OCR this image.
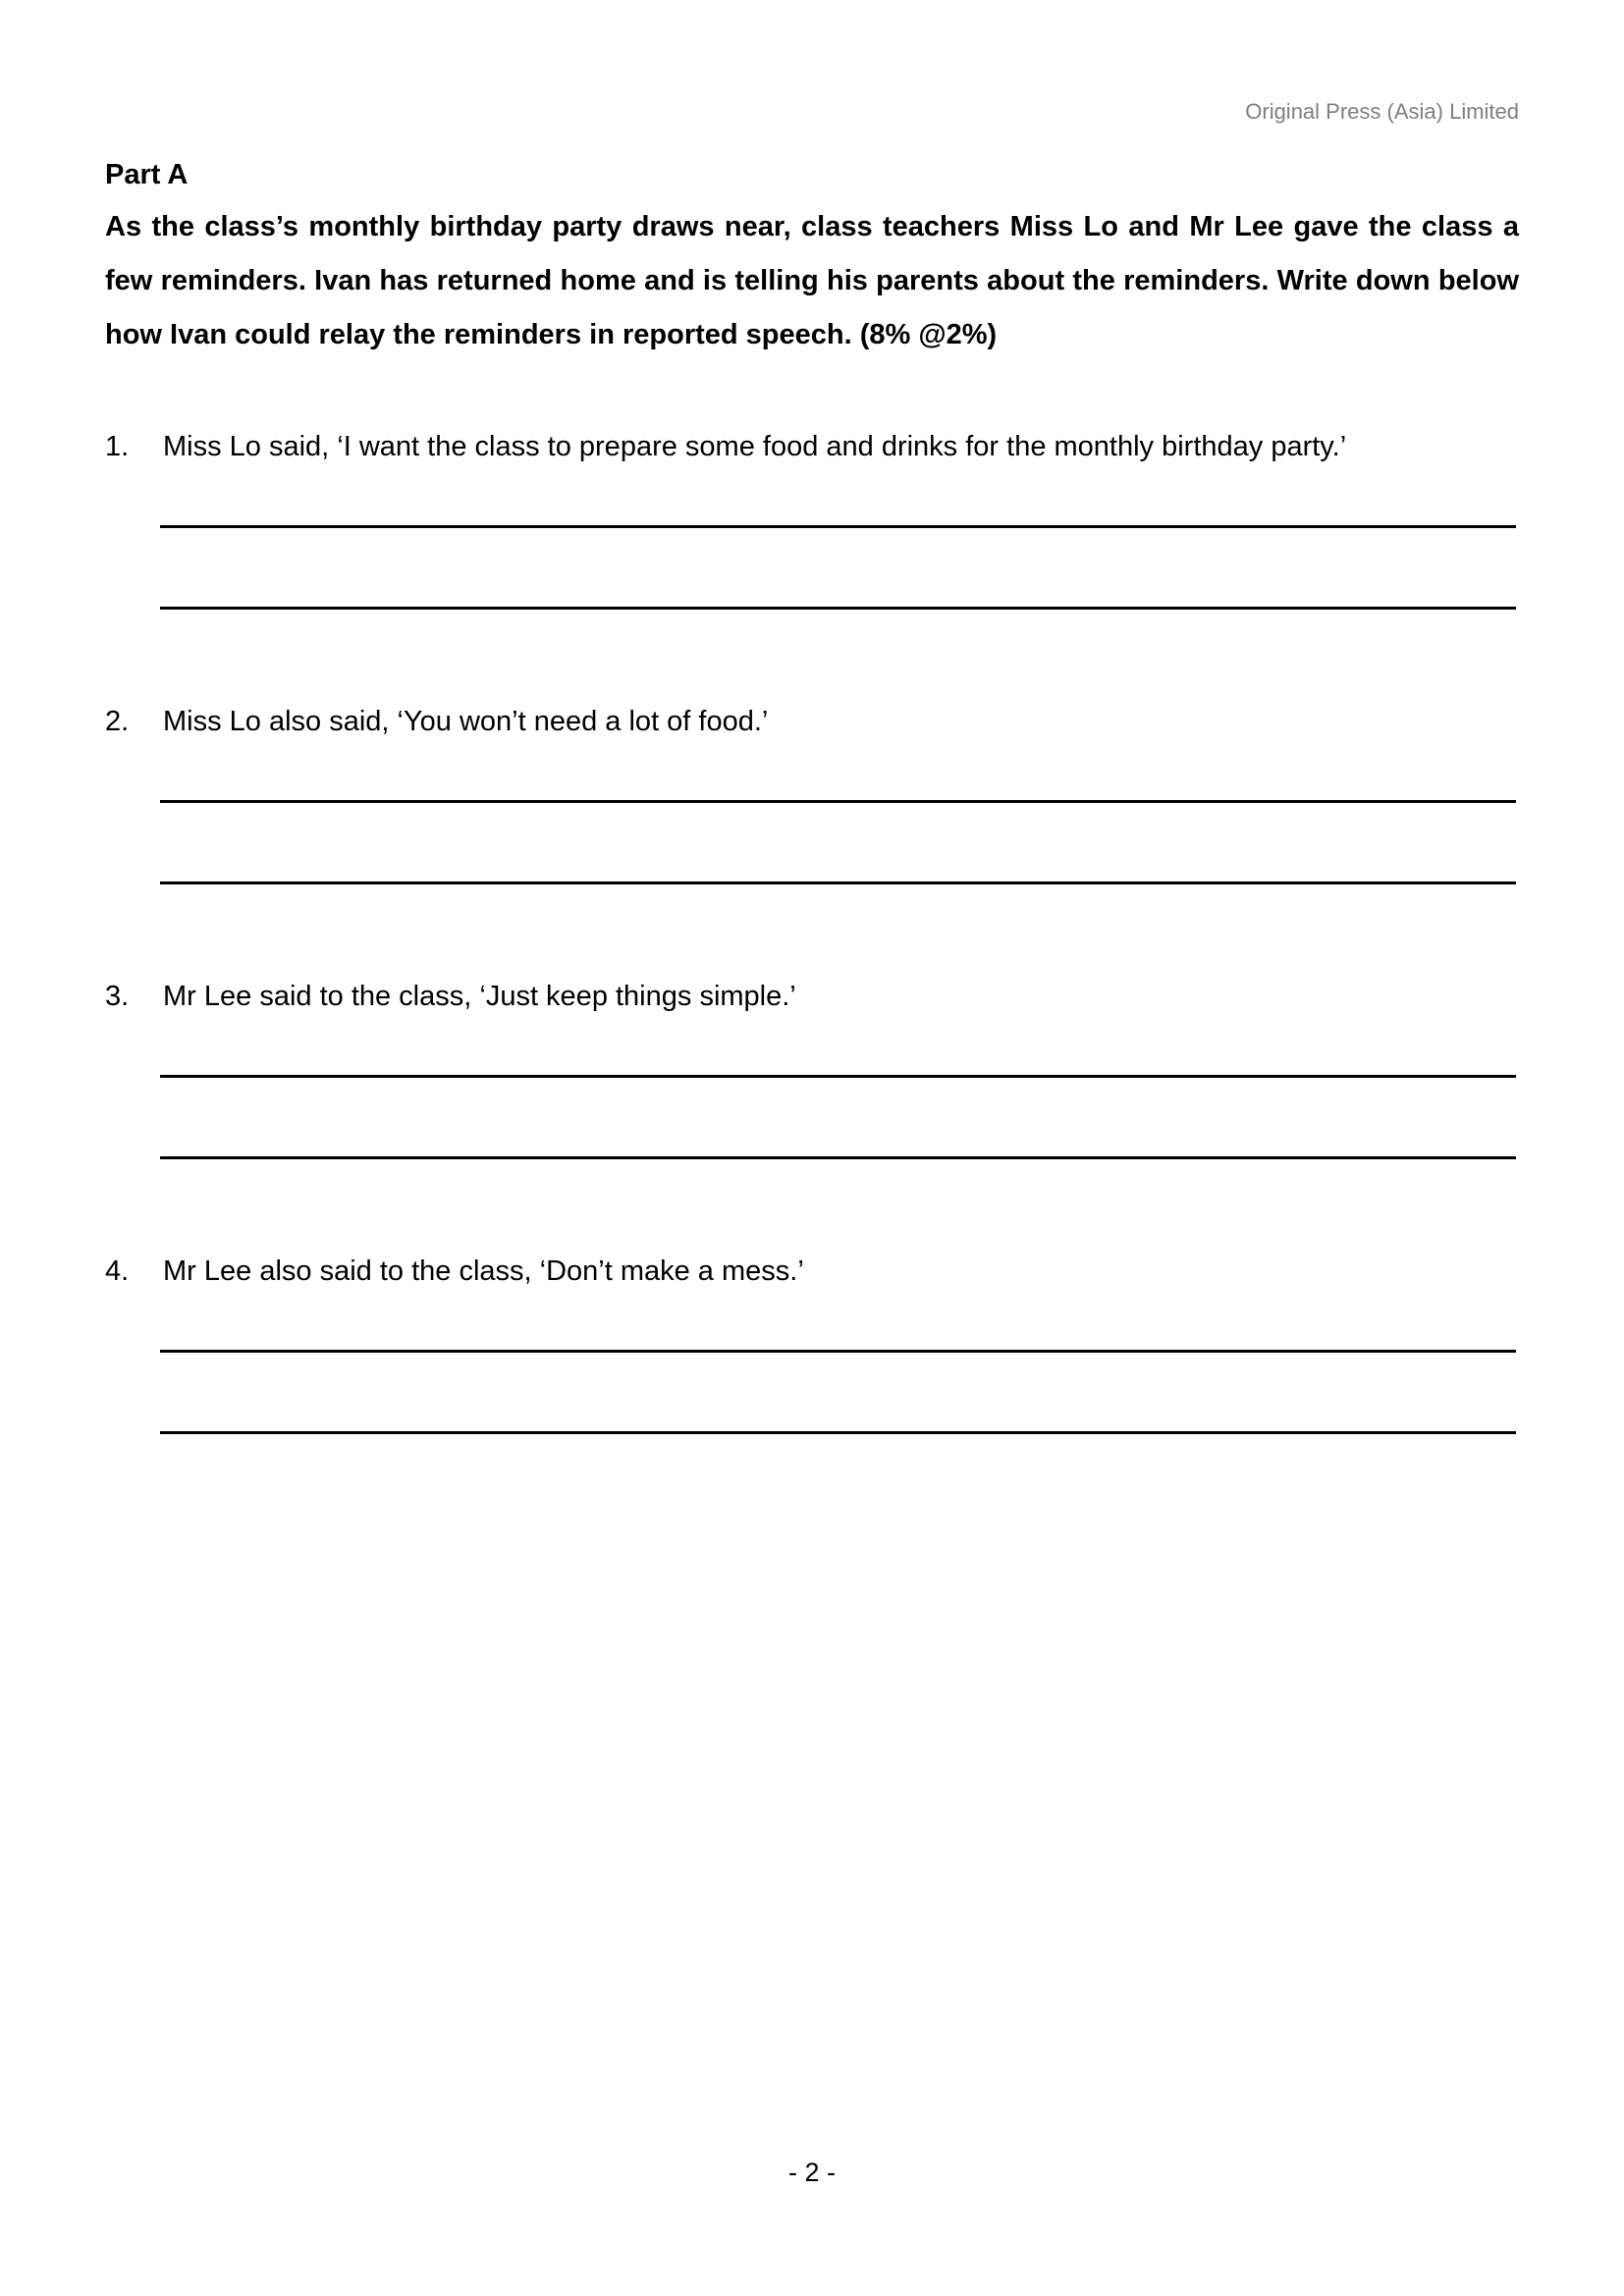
Original Press (Asia) Limited
Part A
As the class’s monthly birthday party draws near, class teachers Miss Lo and Mr Lee gave the class a few reminders. Ivan has returned home and is telling his parents about the reminders. Write down below how Ivan could relay the reminders in reported speech. (8% @2%)
1.	Miss Lo said, ‘I want the class to prepare some food and drinks for the monthly birthday party.’
2.	Miss Lo also said, ‘You won’t need a lot of food.’
3.	Mr Lee said to the class, ‘Just keep things simple.’
4.	Mr Lee also said to the class, ‘Don’t make a mess.’
- 2 -
